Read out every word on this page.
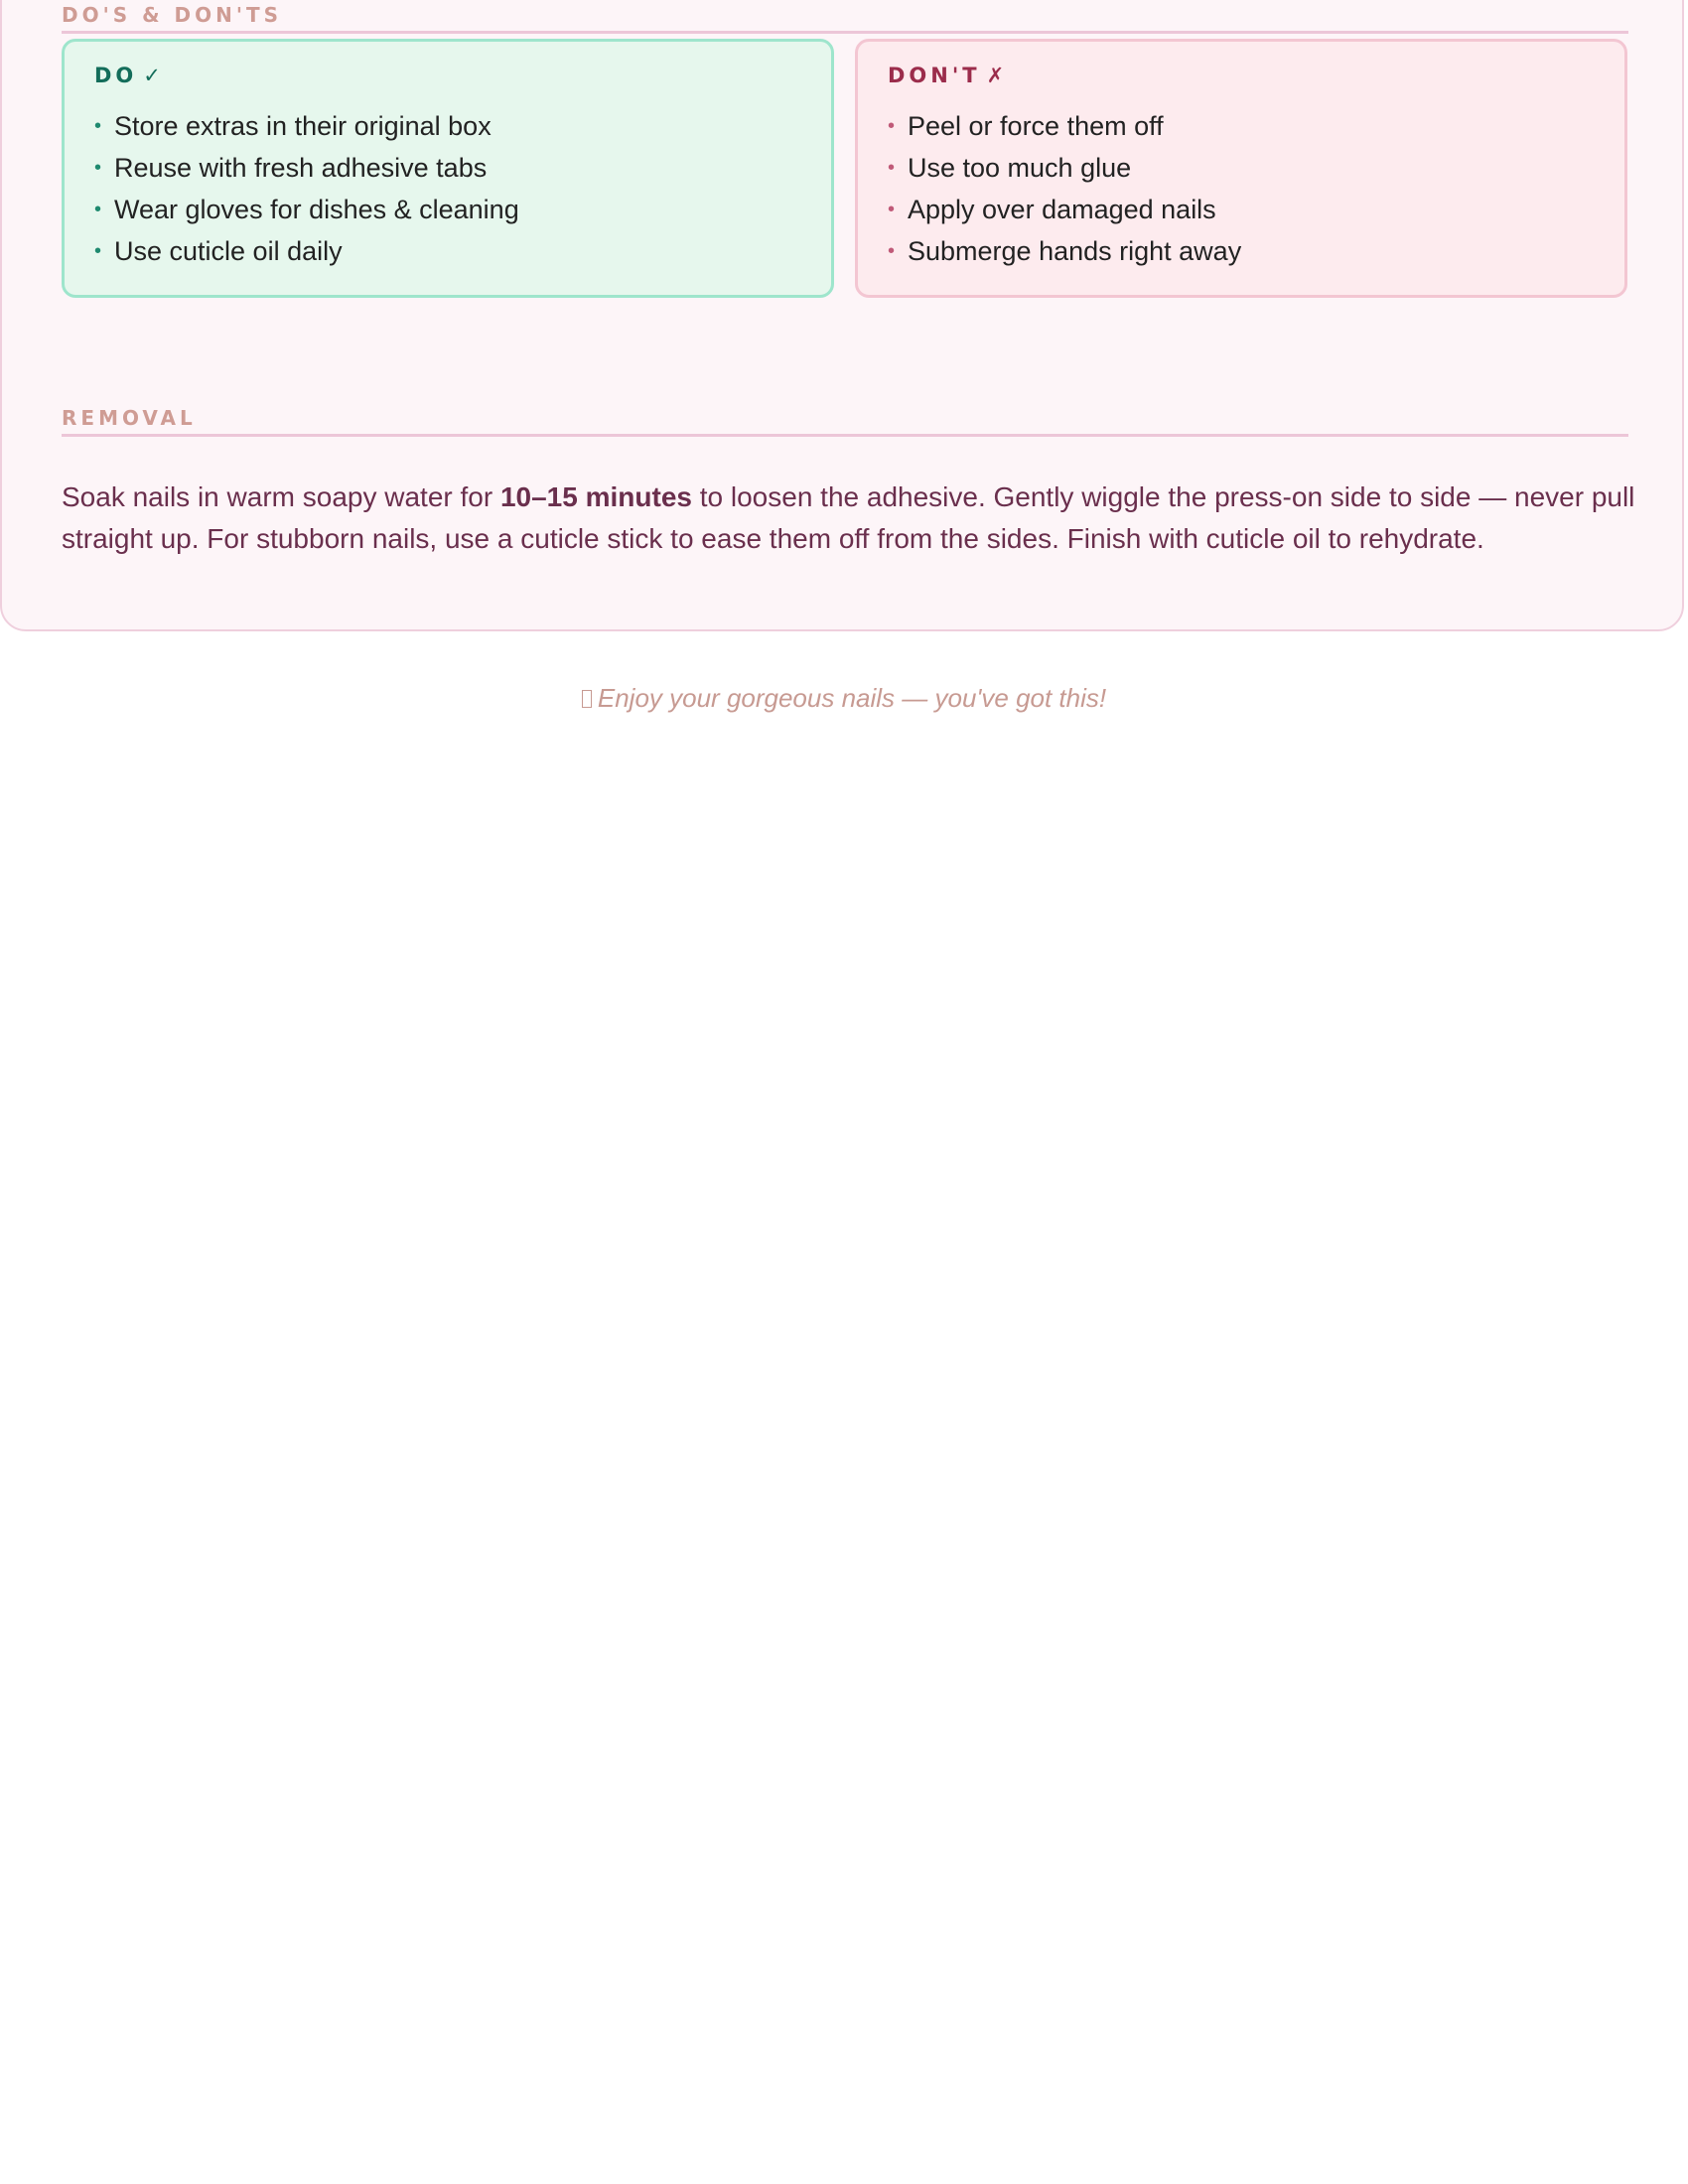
DO'S & DON'TS
DO ✓
• Store extras in their original box
• Reuse with fresh adhesive tabs
• Wear gloves for dishes & cleaning
• Use cuticle oil daily
DON'T ✗
• Peel or force them off
• Use too much glue
• Apply over damaged nails
• Submerge hands right away
REMOVAL

Soak nails in warm soapy water for 10–15 minutes to loosen the adhesive. Gently wiggle the press-on side to side — never pull straight up. For stubborn nails, use a cuticle stick to ease them off from the sides. Finish with cuticle oil to rehydrate.

Enjoy your gorgeous nails — you've got this!
